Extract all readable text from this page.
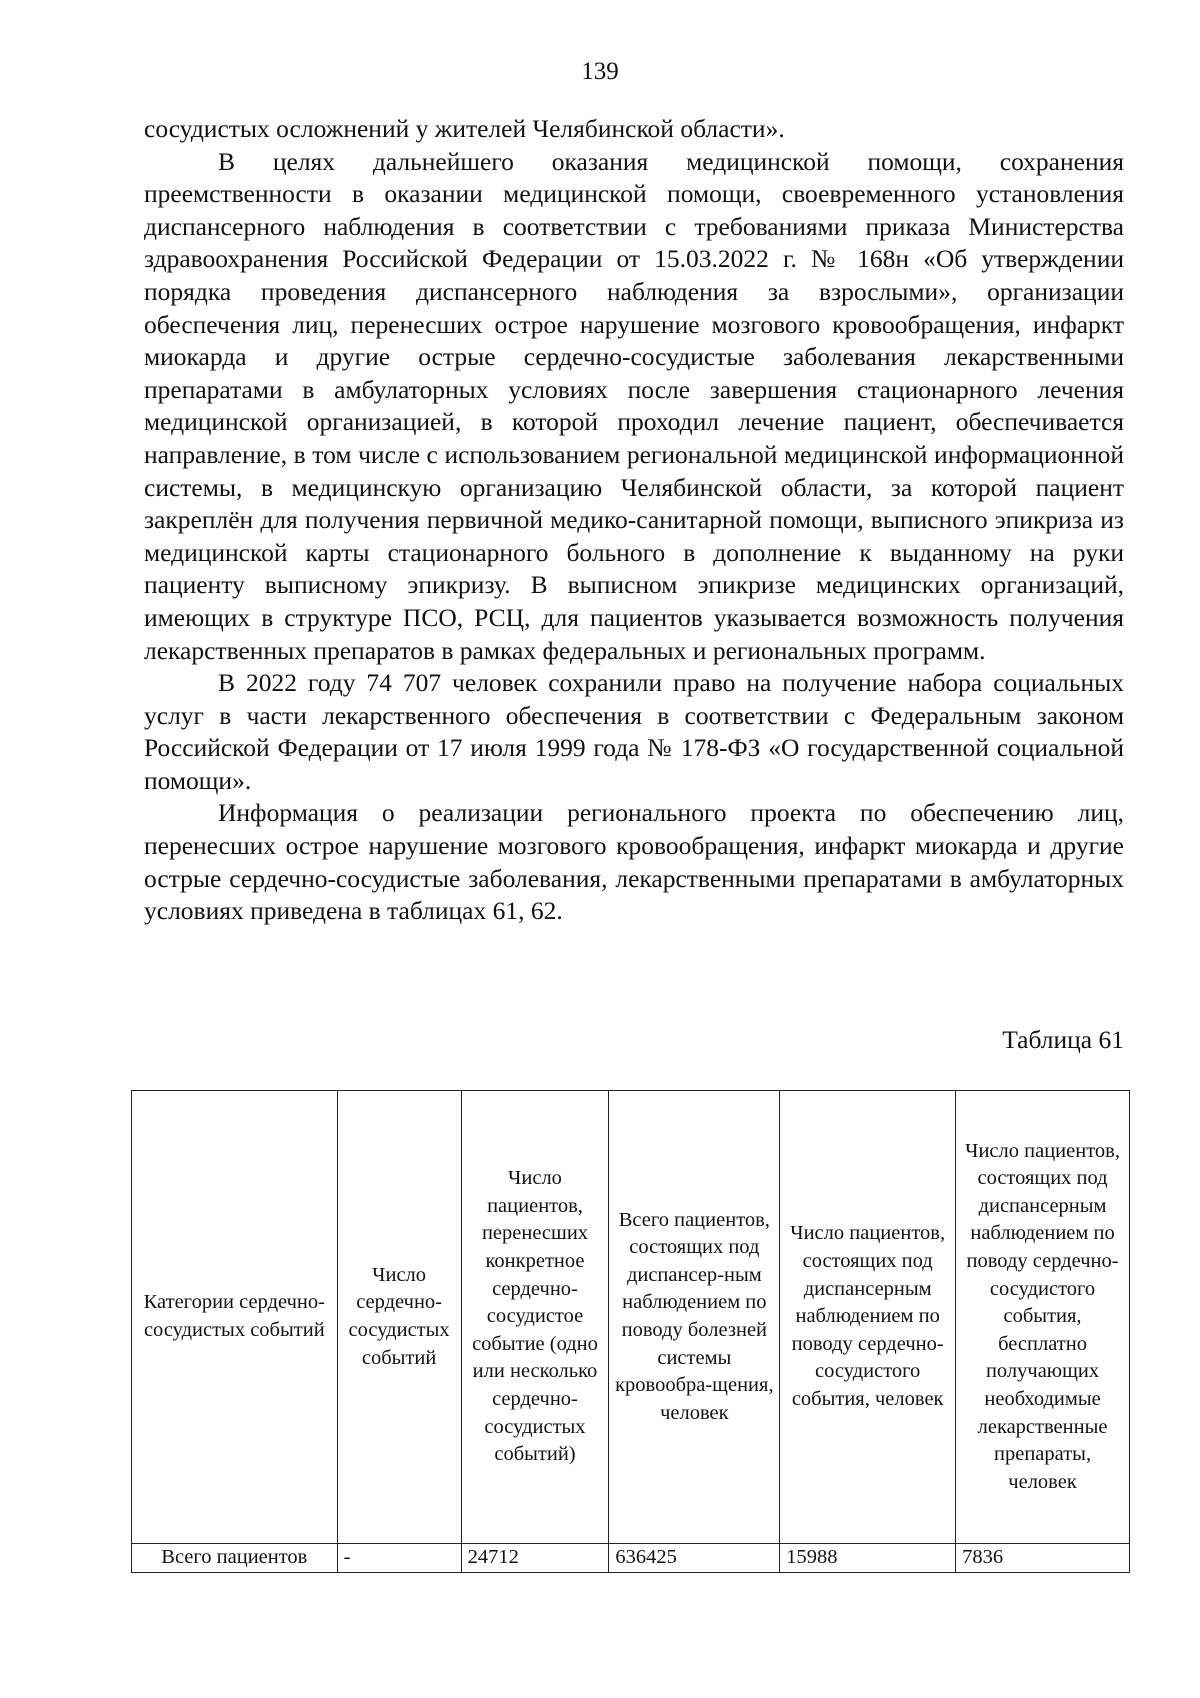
139

сосудистых осложнений у жителей Челябинской области».

В целях дальнейшего оказания медицинской помощи, сохранения преемственности в оказании медицинской помощи, своевременного установления диспансерного наблюдения в соответствии с требованиями приказа Министерства здравоохранения Российской Федерации от 15.03.2022 г. № 168н «Об утверждении порядка проведения диспансерного наблюдения за взрослыми», организации обеспечения лиц, перенесших острое нарушение мозгового кровообращения, инфаркт миокарда и другие острые сердечно-сосудистые заболевания лекарственными препаратами в амбулаторных условиях после завершения стационарного лечения медицинской организацией, в которой проходил лечение пациент, обеспечивается направление, в том числе с использованием региональной медицинской информационной системы, в медицинскую организацию Челябинской области, за которой пациент закреплён для получения первичной медико-санитарной помощи, выписного эпикриза из медицинской карты стационарного больного в дополнение к выданному на руки пациенту выписному эпикризу. В выписном эпикризе медицинских организаций, имеющих в структуре ПСО, РСЦ, для пациентов указывается возможность получения лекарственных препаратов в рамках федеральных и региональных программ.

В 2022 году 74 707 человек сохранили право на получение набора социальных услуг в части лекарственного обеспечения в соответствии с Федеральным законом Российской Федерации от 17 июля 1999 года № 178-ФЗ «О государственной социальной помощи».

Информация о реализации регионального проекта по обеспечению лиц, перенесших острое нарушение мозгового кровообращения, инфаркт миокарда и другие острые сердечно-сосудистые заболевания, лекарственными препаратами в амбулаторных условиях приведена в таблицах 61, 62.

Таблица 61
Категории сердечно-сосудистых событий	Число сердечно-сосудистых событий	Число пациентов, перенесших конкретное сердечно-сосудистое событие (одно или несколько сердечно-сосудистых событий)	Всего пациентов, состоящих под диспансер-ным наблюдением по поводу болезней системы кровообра-щения, человек	Число пациентов, состоящих под диспансерным наблюдением по поводу сердечно-сосудистого события, человек	Число пациентов, состоящих под диспансерным наблюдением по поводу сердечно-сосудистого события, бесплатно получающих необходимые лекарственные препараты, человек
Всего пациентов	-	24712	636425	15988	7836
